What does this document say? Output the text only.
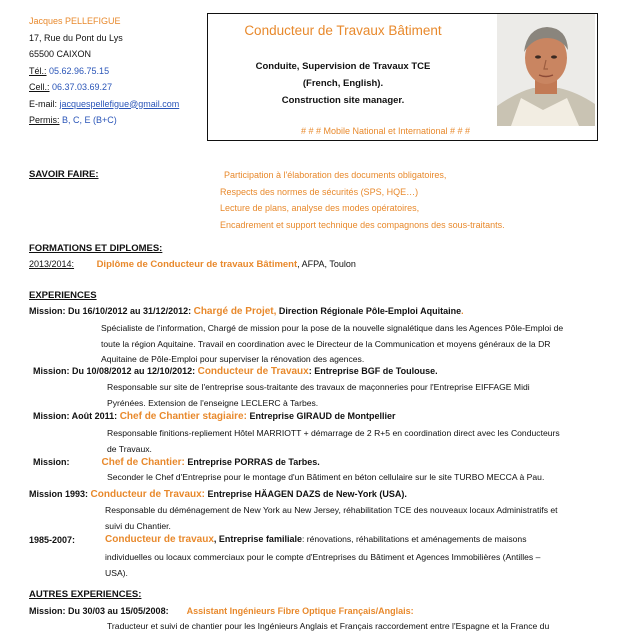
Jacques PELLEFIGUE
17, Rue du Pont du Lys
65500 CAIXON
Tél.: 05.62.96.75.15
Cell.: 06.37.03.69.27
E-mail: jacquespellefigue@gmail.com
Permis: B, C, E (B+C)
Conducteur de Travaux Bâtiment
Conduite, Supervision de Travaux TCE
(French, English).
Construction site manager.
# # # Mobile National et International # # #
SAVOIR FAIRE:	Participation à l'élaboration des documents obligatoires,
Respects des normes de sécurités (SPS, HQE…)
Lecture de plans, analyse des modes opératoires,
Encadrement et support technique des compagnons des sous-traitants.
FORMATIONS ET DIPLOMES:
2013/2014: Diplôme de Conducteur de travaux Bâtiment, AFPA, Toulon
EXPERIENCES
Mission: Du 16/10/2012 au 31/12/2012: Chargé de Projet, Direction Régionale Pôle-Emploi Aquitaine.
Spécialiste de l'information, Chargé de mission pour la pose de la nouvelle signalétique dans les Agences Pôle-Emploi de
toute la région Aquitaine. Travail en coordination avec le Directeur de la Communication et moyens généraux de la DR
Aquitaine de Pôle-Emploi pour superviser la rénovation des agences.
Mission: Du 10/08/2012 au 12/10/2012: Conducteur de Travaux: Entreprise BGF de Toulouse.
Responsable sur site de l'entreprise sous-traitante des travaux de maçonneries pour l'Entreprise EIFFAGE Midi
Pyrénées. Extension de l'enseigne LECLERC à Tarbes.
Mission: Août 2011: Chef de Chantier stagiaire: Entreprise GIRAUD de Montpellier
Responsable finitions-repliement Hôtel MARRIOTT + démarrage de 2 R+5 en coordination direct avec les Conducteurs
de Travaux.
Mission:	Chef de Chantier: Entreprise PORRAS de Tarbes.
Seconder le Chef d'Entreprise pour le montage d'un Bâtiment en béton cellulaire sur le site TURBO MECCA à Pau.
Mission 1993: Conducteur de Travaux: Entreprise HÄAGEN DAZS de New-York (USA).
Responsable du déménagement de New York au New Jersey, réhabilitation TCE des nouveaux locaux Administratifs et
suivi du Chantier.
1985-2007:	Conducteur de travaux, Entreprise familiale: rénovations, réhabilitations et aménagements de maisons
individuelles ou locaux commerciaux pour le compte d'Entreprises du Bâtiment et Agences Immobilières (Antilles –
USA).
AUTRES EXPERIENCES:
Mission: Du 30/03 au 15/05/2008: Assistant Ingénieurs Fibre Optique Français/Anglais:
Traducteur et suivi de chantier pour les Ingénieurs Anglais et Français raccordement entre l'Espagne et la France du
